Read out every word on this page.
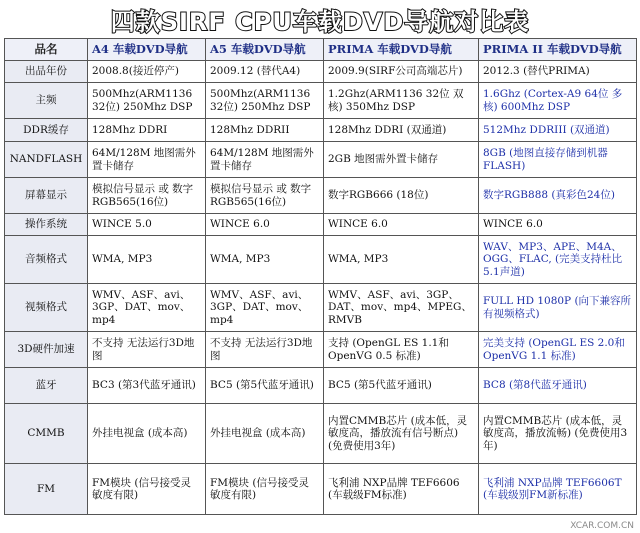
四款SIRF CPU车载DVD导航对比表
品名	A4 车载DVD导航	A5 车载DVD导航	PRIMA 车载DVD导航	PRIMA II 车载DVD导航
出品年份	2008.8(接近停产)	2009.12 (替代A4)	2009.9(SIRF公司高端芯片)	2012.3 (替代PRIMA)
主频	500Mhz(ARM1136 32位) 250Mhz DSP	500Mhz(ARM1136 32位) 250Mhz DSP	1.2Ghz(ARM1136 32位 双核) 350Mhz DSP	1.6Ghz (Cortex-A9 64位 多核) 600Mhz DSP
DDR缓存	128Mhz DDRI	128Mhz DDRII	128Mhz DDRI (双通道)	512Mhz DDRIII (双通道)
NANDFLASH	64M/128M 地图需外置卡储存	64M/128M 地图需外置卡储存	2GB 地图需外置卡储存	8GB (地图直接存储到机器FLASH)
屏幕显示	模拟信号显示 或 数字RGB565(16位)	模拟信号显示 或 数字RGB565(16位)	数字RGB666 (18位)	数字RGB888 (真彩色24位)
操作系统	WINCE 5.0	WINCE 6.0	WINCE 6.0	WINCE 6.0
音频格式	WMA, MP3	WMA, MP3	WMA, MP3	WAV、MP3、APE、M4A、OGG、FLAC, (完美支持杜比5.1声道)
视频格式	WMV、ASF、avi、3GP、DAT、mov、mp4	WMV、ASF、avi、3GP、DAT、mov、mp4	WMV、ASF、avi、3GP、DAT、mov、mp4、MPEG、RMVB	FULL HD 1080P (向下兼容所有视频格式)
3D硬件加速	不支持 无法运行3D地图	不支持 无法运行3D地图	支持 (OpenGL ES 1.1和OpenVG 0.5 标准)	完美支持 (OpenGL ES 2.0和OpenVG 1.1 标准)
蓝牙	BC3 (第3代蓝牙通讯)	BC5 (第5代蓝牙通讯)	BC5 (第5代蓝牙通讯)	BC8 (第8代蓝牙通讯)
CMMB	外挂电视盒 (成本高)	外挂电视盒 (成本高)	内置CMMB芯片 (成本低，灵敏度高，播放流有信号断点) (免费使用3年)	内置CMMB芯片 (成本低，灵敏度高，播放流畅) (免费使用3年)
FM	FM模块 (信号接受灵敏度有限)	FM模块 (信号接受灵敏度有限)	飞利浦 NXP品牌 TEF6606 (车载级FM标准)	飞利浦 NXP品牌 TEF6606T (车载级别FM新标准)
XCAR.COM.CN
